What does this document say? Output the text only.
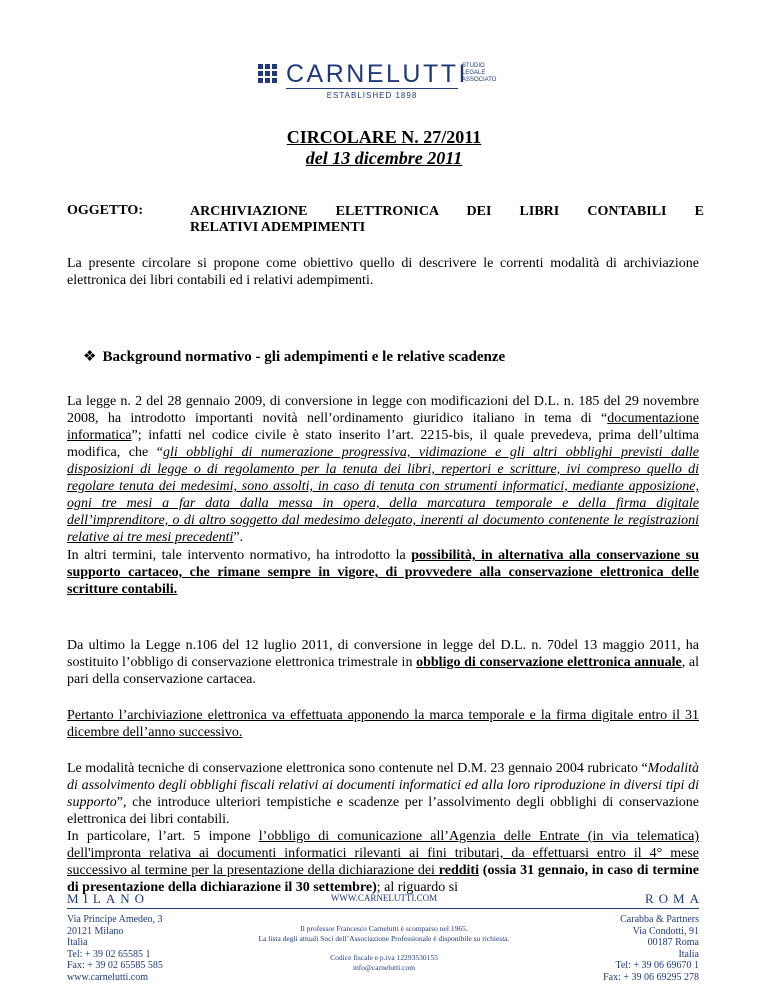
CARNELUTTI
STUDIO
LEGALE
ASSOCIATO
ESTABLISHED 1898
CIRCOLARE N. 27/2011
del 13 dicembre 2011
OGGETTO:	ARCHIVIAZIONE ELETTRONICA DEI LIBRI CONTABILI E
RELATIVI ADEMPIMENTI

La presente circolare si propone come obiettivo quello di descrivere le correnti modalità di archiviazione elettronica dei libri contabili ed i relativi adempimenti.

❖ Background normativo - gli adempimenti e le relative scadenze

La legge n. 2 del 28 gennaio 2009, di conversione in legge con modificazioni del D.L. n. 185 del 29 novembre 2008, ha introdotto importanti novità nell’ordinamento giuridico italiano in tema di “documentazione informatica”; infatti nel codice civile è stato inserito l’art. 2215-bis, il quale prevedeva, prima dell’ultima modifica, che “gli obblighi di numerazione progressiva, vidimazione e gli altri obblighi previsti dalle disposizioni di legge o di regolamento per la tenuta dei libri, repertori e scritture, ivi compreso quello di regolare tenuta dei medesimi, sono assolti, in caso di tenuta con strumenti informatici, mediante apposizione, ogni tre mesi a far data dalla messa in opera, della marcatura temporale e della firma digitale dell’imprenditore, o di altro soggetto dal medesimo delegato, inerenti al documento contenente le registrazioni relative ai tre mesi precedenti”.

In altri termini, tale intervento normativo, ha introdotto la possibilità, in alternativa alla conservazione su supporto cartaceo, che rimane sempre in vigore, di provvedere alla conservazione elettronica delle scritture contabili.

Da ultimo la Legge n.106 del 12 luglio 2011, di conversione in legge del D.L. n. 70del 13 maggio 2011, ha sostituito l’obbligo di conservazione elettronica trimestrale in obbligo di conservazione elettronica annuale, al pari della conservazione cartacea.

Pertanto l’archiviazione elettronica va effettuata apponendo la marca temporale e la firma digitale entro il 31 dicembre dell’anno successivo.

Le modalità tecniche di conservazione elettronica sono contenute nel D.M. 23 gennaio 2004 rubricato “Modalità di assolvimento degli obblighi fiscali relativi ai documenti informatici ed alla loro riproduzione in diversi tipi di supporto”, che introduce ulteriori tempistiche e scadenze per l’assolvimento degli obblighi di conservazione elettronica dei libri contabili.

In particolare, l’art. 5 impone l’obbligo di comunicazione all’Agenzia delle Entrate (in via telematica) dell'impronta relativa ai documenti informatici rilevanti ai fini tributari, da effettuarsi entro il 4° mese successivo al termine per la presentazione della dichiarazione dei redditi (ossia 31 gennaio, in caso di termine di presentazione della dichiarazione il 30 settembre); al riguardo si

MILANO	WWW.CARNELUTTI.COM	ROMA
Via Principe Amedeo, 3
20121 Milano
Italia
Tel: + 39 02 65585 1
Fax: + 39 02 65585 585
www.carnelutti.com
Il professor Francesco Carnelutti è scomparso nel 1965.
La lista degli attuali Soci dell’Associazione Professionale è disponibile su richiesta.
Codice fiscale e p.iva 12293530155
info@carnelutti.com
Carabba & Partners
Via Condotti, 91
00187 Roma
Italia
Tel: + 39 06 69670 1
Fax: + 39 06 69295 278
